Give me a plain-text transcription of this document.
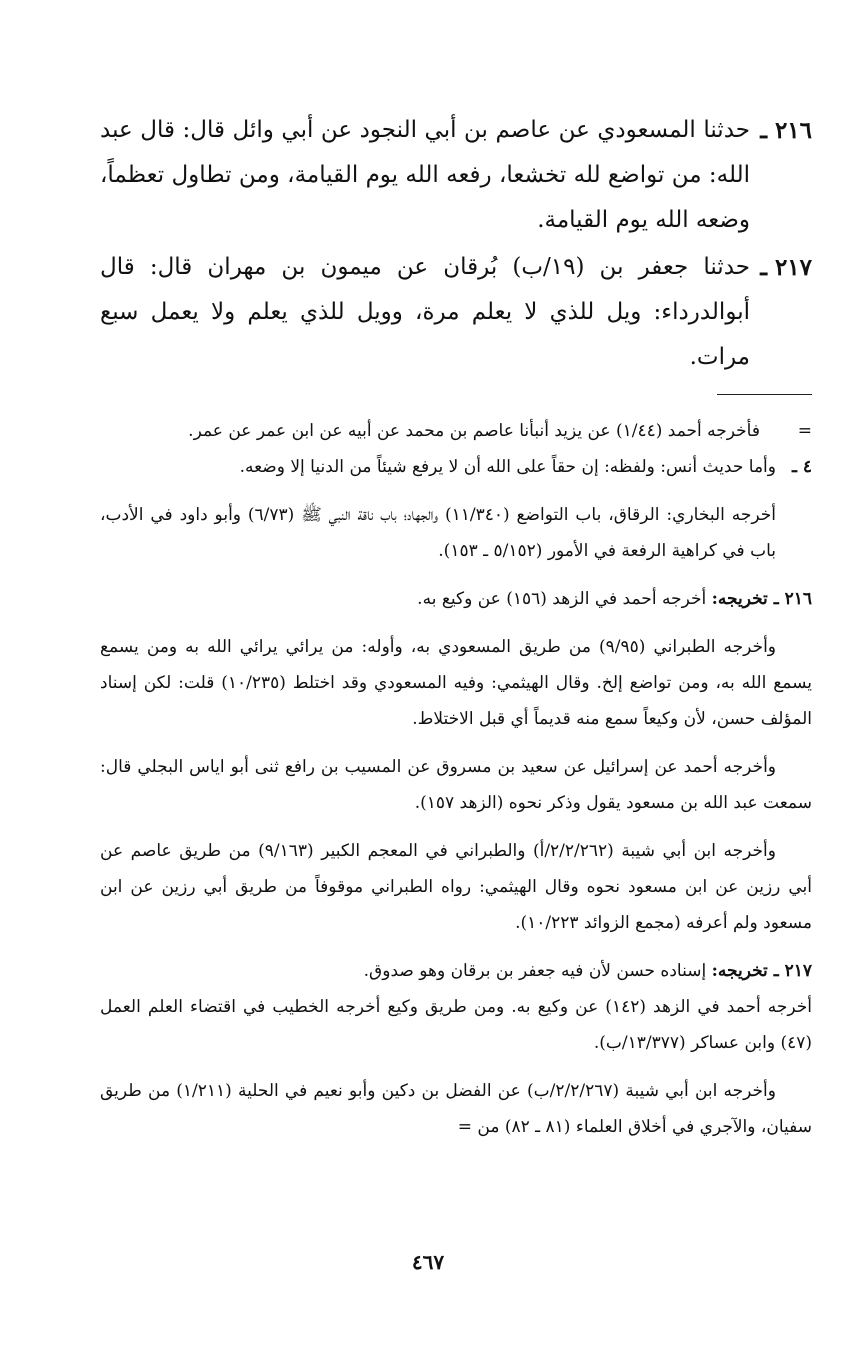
٢١٦ ـ
حدثنا المسعودي عن عاصم بن أبي النجود عن أبي وائل قال: قال عبد الله: من تواضع لله تخشعا، رفعه الله يوم القيامة، ومن تطاول تعظماً، وضعه الله يوم القيامة.

٢١٧ ـ
حدثنا جعفر بن (١٩/ب) بُرقان عن ميمون بن مهران قال: قال أبوالدرداء: ويل للذي لا يعلم مرة، وويل للذي يعلم ولا يعمل سبع مرات.

=
فأخرجه أحمد (١/٤٤) عن يزيد أنبأنا عاصم بن محمد عن أبيه عن ابن عمر عن عمر.

٤ ـ
وأما حديث أنس: ولفظه: إن حقاً على الله أن لا يرفع شيئاً من الدنيا إلا وضعه.

أخرجه البخاري: الرقاق، باب التواضع (١١/٣٤٠) والجهاد؛ باب ناقة النبي ﷺ (٦/٧٣) وأبو داود في الأدب، باب في كراهية الرفعة في الأمور (٥/١٥٢ ـ ١٥٣).

٢١٦ ـ تخريجه: أخرجه أحمد في الزهد (١٥٦) عن وكيع به.

وأخرجه الطبراني (٩/٩٥) من طريق المسعودي به، وأوله: من يرائي يرائي الله به ومن يسمع يسمع الله به، ومن تواضع إلخ. وقال الهيثمي: وفيه المسعودي وقد اختلط (١٠/٢٣٥) قلت: لكن إسناد المؤلف حسن، لأن وكيعاً سمع منه قديماً أي قبل الاختلاط.

وأخرجه أحمد عن إسرائيل عن سعيد بن مسروق عن المسيب بن رافع ثنى أبو اياس البجلي قال: سمعت عبد الله بن مسعود يقول وذكر نحوه (الزهد ١٥٧).

وأخرجه ابن أبي شيبة (٢/٢/٢٦٢/أ) والطبراني في المعجم الكبير (٩/١٦٣) من طريق عاصم عن أبي رزين عن ابن مسعود نحوه وقال الهيثمي: رواه الطبراني موقوفاً من طريق أبي رزين عن ابن مسعود ولم أعرفه (مجمع الزوائد ١٠/٢٢٣).

٢١٧ ـ تخريجه: إسناده حسن لأن فيه جعفر بن برقان وهو صدوق.

أخرجه أحمد في الزهد (١٤٢) عن وكيع به. ومن طريق وكيع أخرجه الخطيب في اقتضاء العلم العمل (٤٧) وابن عساكر (١٣/٣٧٧/ب).

وأخرجه ابن أبي شيبة (٢/٢/٢٦٧/ب) عن الفضل بن دكين وأبو نعيم في الحلية (١/٢١١) من طريق سفيان، والآجري في أخلاق العلماء (٨١ ـ ٨٢) من =

٤٦٧
